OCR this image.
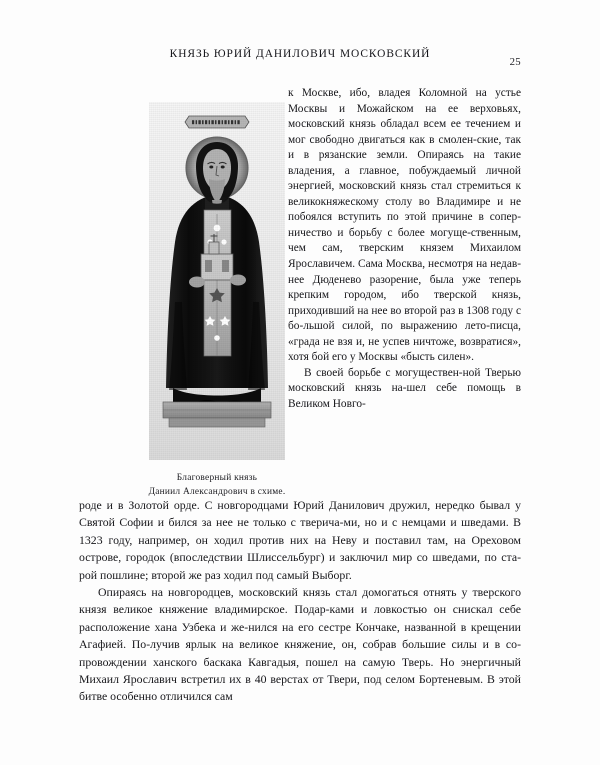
КНЯЗЬ ЮРИЙ ДАНИЛОВИЧ МОСКОВСКИЙ
25
Благоверный князь
Даниил Александрович в схиме.

к Москве, ибо, владея Коломной на устье Москвы и Можайском на ее верховьях, московский князь обладал всем ее течением и мог свободно двигаться как в смолен-ские, так и в рязанские земли. Опираясь на такие владения, а главное, побуждаемый личной энергией, московский князь стал стремиться к великокняжескому столу во Владимире и не побоялся вступить по этой причине в сопер-ничество и борьбу с более могуще-ственным, чем сам, тверским князем Михаилом Ярославичем. Сама Москва, несмотря на недав-нее Дюденево разорение, была уже теперь крепким городом, ибо тверской князь, приходивший на нее во второй раз в 1308 году с бо-льшой силой, по выражению лето-писца, «града не взя и, не успев ничтоже, возвратися», хотя бой его у Москвы «бысть силен».

В своей борьбе с могуществен-ной Тверью московский князь на-шел себе помощь в Великом Новго-

роде и в Золотой орде. С новгородцами Юрий Данилович дружил, нередко бывал у Святой Софии и бился за нее не только с тверича-ми, но и с немцами и шведами. В 1323 году, например, он ходил против них на Неву и поставил там, на Ореховом острове, городок (впоследствии Шлиссельбург) и заключил мир со шведами, по ста-рой пошлине; второй же раз ходил под самый Выборг.

Опираясь на новгородцев, московский князь стал домогаться отнять у тверского князя великое княжение владимирское. Подар-ками и ловкостью он снискал себе расположение хана Узбека и же-нился на его сестре Кончаке, названной в крещении Агафией. По-лучив ярлык на великое княжение, он, собрав большие силы и в со-провождении ханского баскака Кавгадыя, пошел на самую Тверь. Но энергичный Михаил Ярославич встретил их в 40 верстах от Твери, под селом Бортеневым. В этой битве особенно отличился сам
